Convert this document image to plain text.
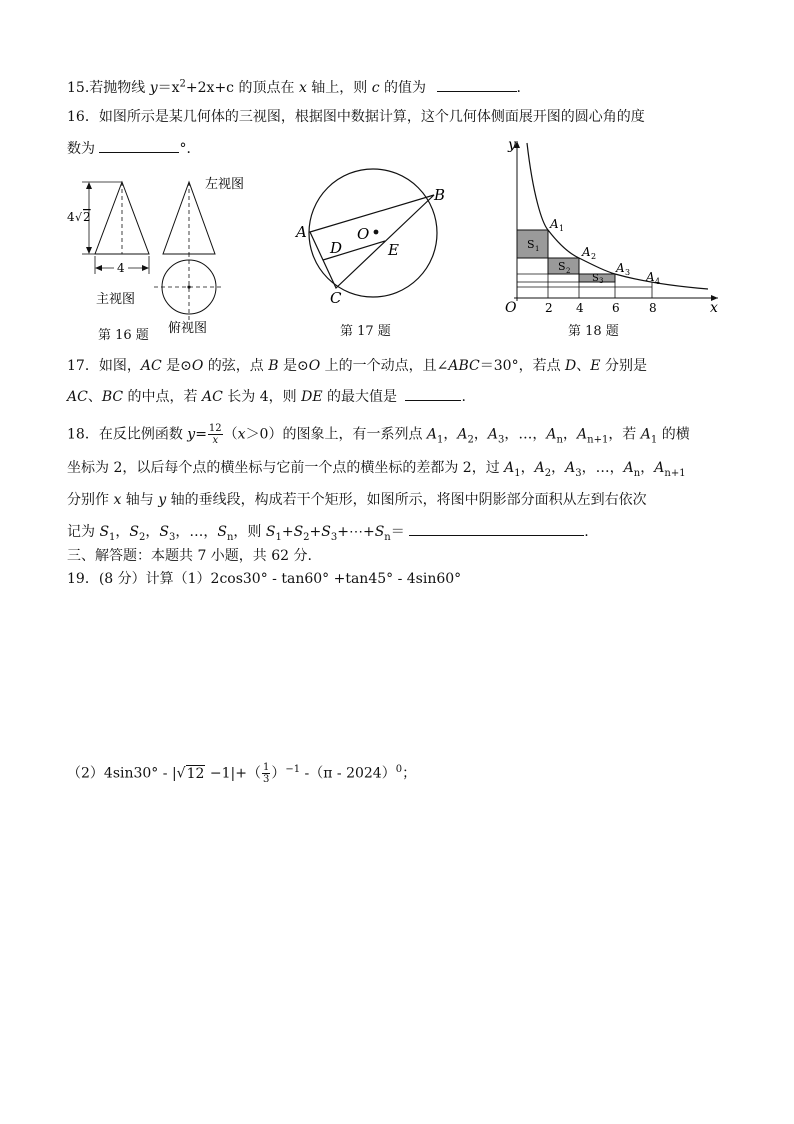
15.若抛物线 $y=x^2+2x+c$ 的顶点在 x 轴上，则 c 的值为	.
16．如图所示是某几何体的三视图，根据图中数据计算，这个几何体侧面展开图的圆心角的度
数为	°．
4 √ 2
4
主视图
左视图
俯视图
第 16 题
A
B
C
D	E
O
第 17 题
y
x
O 2 4 6 8
A 1
A 2
A 3 A 4
S 1
S 2
S 3
第 18 题
17．如图，AC 是⊙O 的弦，点 B 是⊙O 上的一个动点，且∠ABC＝30°，若点 D、E 分别是
AC、BC 的中点，若 AC 长为 4，则 DE 的最大值是	.
18．在反比例函数 $y= \frac{12}{x} (x>0)$的图象上，有一系列点 $A_1$，$A_2$，$A_3$，…，$A_n$，$A_{n+1}$，若 $A_1$ 的横
坐标为 2，以后每个点的横坐标与它前一个点的横坐标的差都为 2，过 $A_1$，$A_2$，$A_3$，…，$A_n$，$A_{n+1}$
分别作 x 轴与 y 轴的垂线段，构成若干个矩形，如图所示，将图中阴影部分面积从左到右依次
记为 $S_1$，$S_2$，$S_3$，…，$S_n$，则 $S_1+S_2+S_3+\cdots+S_n=$	.
三、解答题：本题共 7 小题，共 62 分.
19．(8 分）计算（1）2cos30° ‐ tan60° +tan45° ‐ 4sin60°
（2）4sin30° ‐ $|√12 -1|+( \frac{1}{3} )^{-1}$ ‐（π ‐ 2024）$^0$；
